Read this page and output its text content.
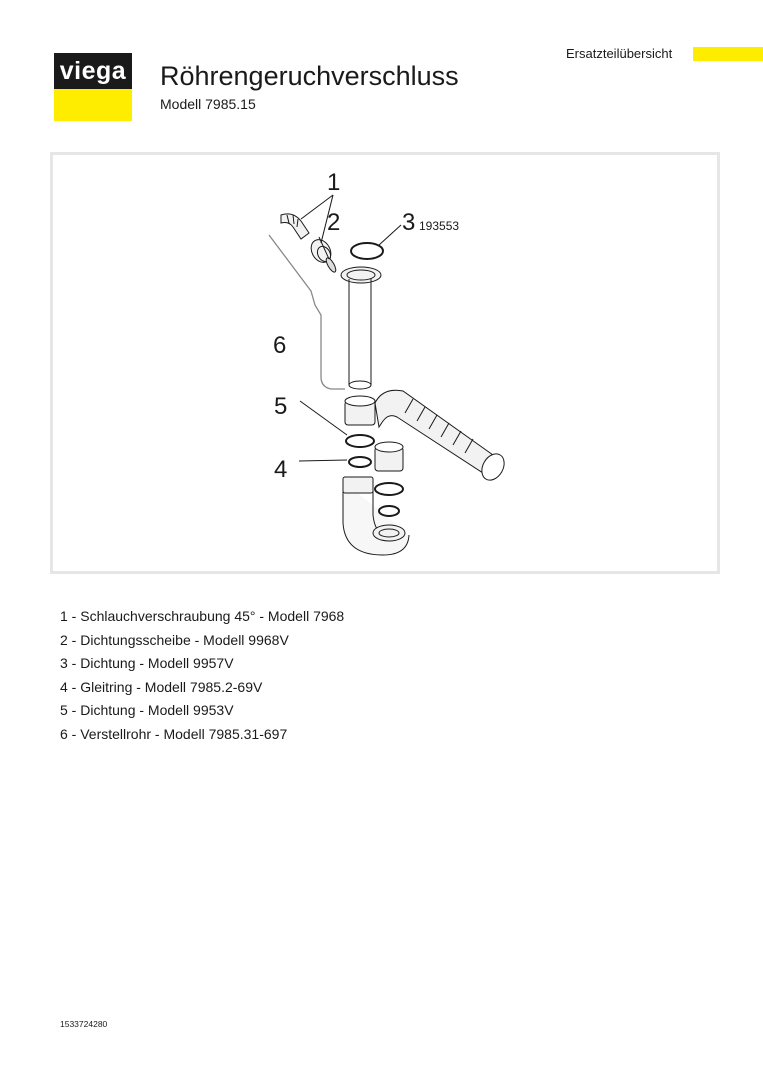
viega Röhrengeruchverschluss
Modell 7985.15
Ersatzteilübersicht
1
2	3 193553
6
5
4
1 - Schlauchverschraubung 45° - Modell 7968
2 - Dichtungsscheibe - Modell 9968V
3 - Dichtung - Modell 9957V
4 - Gleitring - Modell 7985.2-69V
5 - Dichtung - Modell 9953V
6 - Verstellrohr - Modell 7985.31-697
1533724280
